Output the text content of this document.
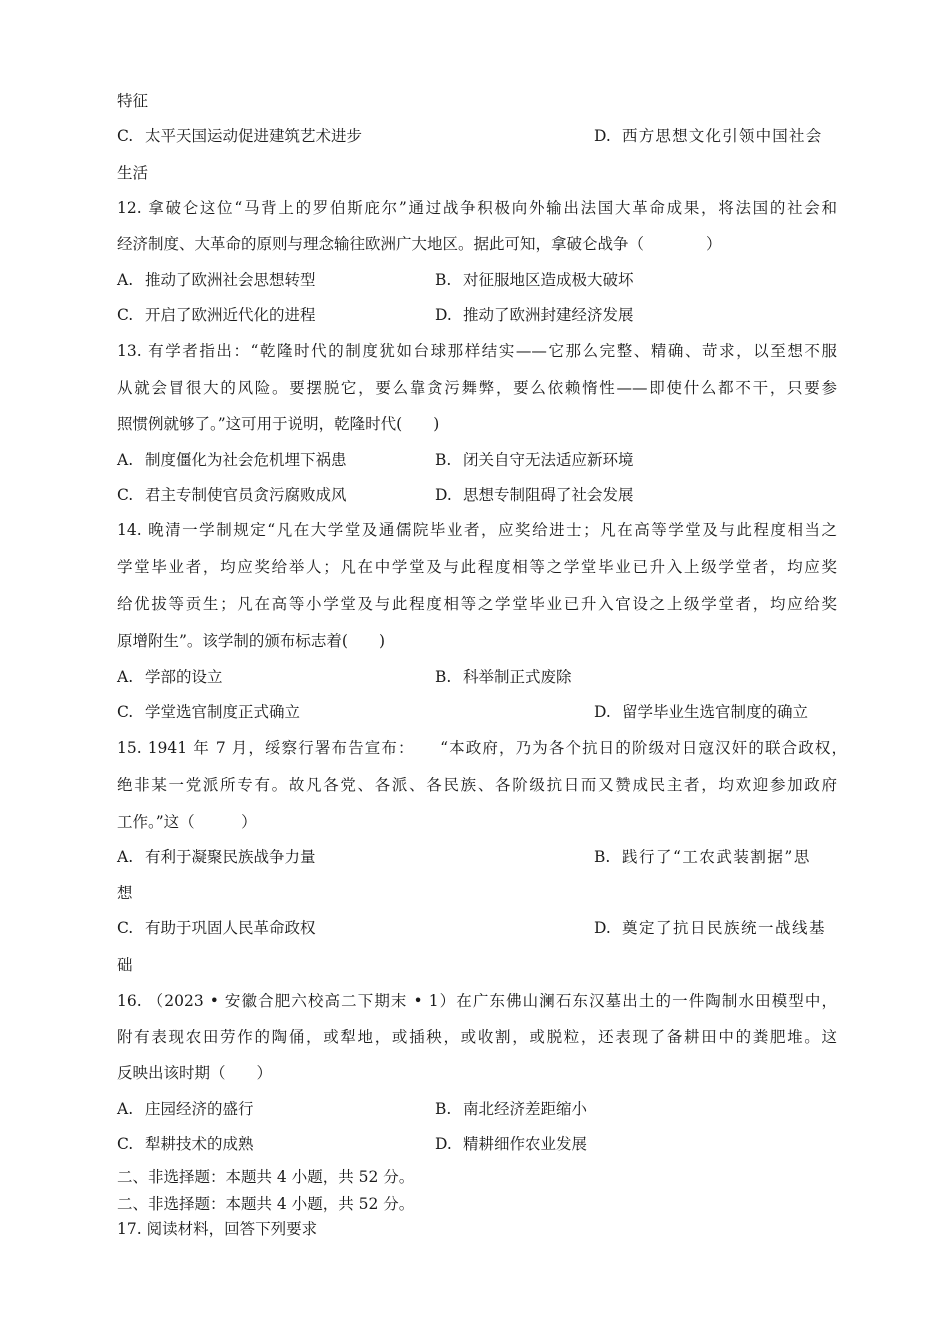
特征
C. 太平天国运动促进建筑艺术进步	D. 西方思想文化引领中国社会
生活
12. 拿破仑这位“马背上的罗伯斯庇尔”通过战争积极向外输出法国大革命成果，将法国的社会和
经济制度、大革命的原则与理念输往欧洲广大地区。据此可知，拿破仑战争（　　　　）
A. 推动了欧洲社会思想转型	B. 对征服地区造成极大破坏
C. 开启了欧洲近代化的进程	D. 推动了欧洲封建经济发展
13. 有学者指出：“乾隆时代的制度犹如台球那样结实——它那么完整、精确、苛求，以至想不服
从就会冒很大的风险。要摆脱它，要么靠贪污舞弊，要么依赖惰性——即使什么都不干，只要参
照惯例就够了。”这可用于说明，乾隆时代(　　)
A. 制度僵化为社会危机埋下祸患	B. 闭关自守无法适应新环境
C. 君主专制使官员贪污腐败成风	D. 思想专制阻碍了社会发展
14. 晚清一学制规定“凡在大学堂及通儒院毕业者，应奖给进士；凡在高等学堂及与此程度相当之
学堂毕业者，均应奖给举人；凡在中学堂及与此程度相等之学堂毕业已升入上级学堂者，均应奖
给优拔等贡生；凡在高等小学堂及与此程度相等之学堂毕业已升入官设之上级学堂者，均应给奖
原增附生”。该学制的颁布标志着(　　)
A. 学部的设立	B. 科举制正式废除
C. 学堂选官制度正式确立	D. 留学毕业生选官制度的确立
15. 1941 年 7 月，绥察行署布告宣布：　　“本政府，乃为各个抗日的阶级对日寇汉奸的联合政权，
绝非某一党派所专有。故凡各党、各派、各民族、各阶级抗日而又赞成民主者，均欢迎参加政府
工作。”这（　　　）
A. 有利于凝聚民族战争力量	B. 践行了“工农武装割据”思
想
C. 有助于巩固人民革命政权	D. 奠定了抗日民族统一战线基
础
16. （2023 • 安徽合肥六校高二下期末 • 1）在广东佛山澜石东汉墓出土的一件陶制水田模型中，
附有表现农田劳作的陶俑，或犁地，或插秧，或收割，或脱粒，还表现了备耕田中的粪肥堆。这
反映出该时期（　　）
A. 庄园经济的盛行	B. 南北经济差距缩小
C. 犁耕技术的成熟	D. 精耕细作农业发展
二、非选择题：本题共 4 小题，共 52 分。
二、非选择题：本题共 4 小题，共 52 分。
17. 阅读材料，回答下列要求
